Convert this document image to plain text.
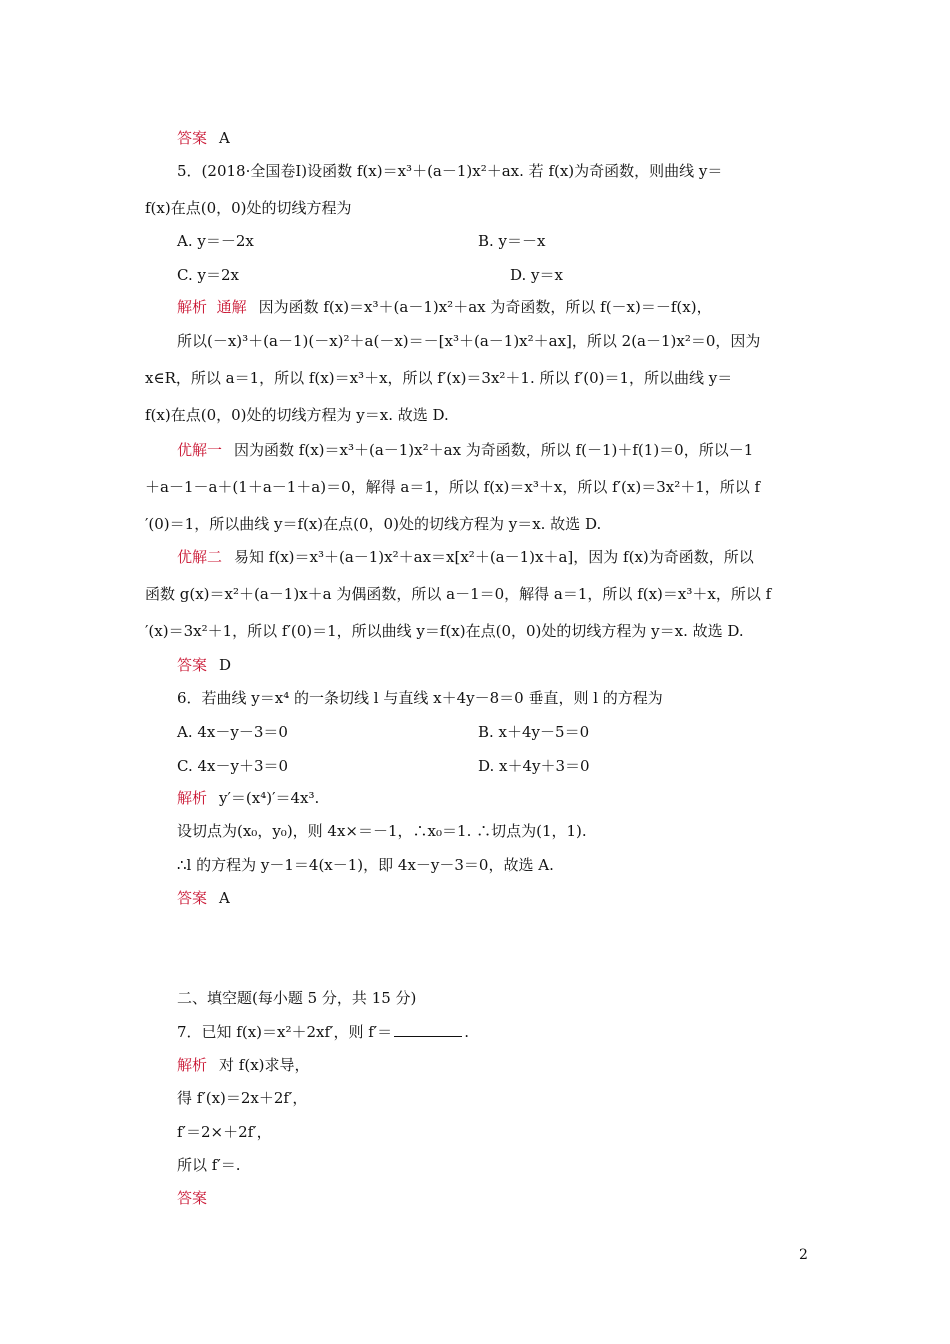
答案 A
5．(2018·全国卷Ⅰ)设函数 f(x)＝x³＋(a－1)x²＋ax. 若 f(x)为奇函数，则曲线 y＝
f(x)在点(0，0)处的切线方程为
A. y＝－2x	B. y＝－x
C. y＝2x	D. y＝x
解析 通解 因为函数 f(x)＝x³＋(a－1)x²＋ax 为奇函数，所以 f(－x)＝－f(x)，
所以(－x)³＋(a－1)(－x)²＋a(－x)＝－[x³＋(a－1)x²＋ax]，所以 2(a－1)x²＝0，因为
x∈R，所以 a＝1，所以 f(x)＝x³＋x，所以 f′(x)＝3x²＋1. 所以 f′(0)＝1，所以曲线 y＝
f(x)在点(0，0)处的切线方程为 y＝x. 故选 D.
优解一 因为函数 f(x)＝x³＋(a－1)x²＋ax 为奇函数，所以 f(－1)＋f(1)＝0，所以－1
＋a－1－a＋(1＋a－1＋a)＝0，解得 a＝1，所以 f(x)＝x³＋x，所以 f′(x)＝3x²＋1，所以 f
′(0)＝1，所以曲线 y＝f(x)在点(0，0)处的切线方程为 y＝x. 故选 D.
优解二 易知 f(x)＝x³＋(a－1)x²＋ax＝x[x²＋(a－1)x＋a]，因为 f(x)为奇函数，所以
函数 g(x)＝x²＋(a－1)x＋a 为偶函数，所以 a－1＝0，解得 a＝1，所以 f(x)＝x³＋x，所以 f
′(x)＝3x²＋1，所以 f′(0)＝1，所以曲线 y＝f(x)在点(0，0)处的切线方程为 y＝x. 故选 D.
答案 D
6．若曲线 y＝x⁴ 的一条切线 l 与直线 x＋4y－8＝0 垂直，则 l 的方程为
A. 4x－y－3＝0	B. x＋4y－5＝0
C. 4x－y＋3＝0	D. x＋4y＋3＝0
解析 y′＝(x⁴)′＝4x³.
设切点为(x₀，y₀)，则 4x×＝－1，∴x₀＝1. ∴切点为(1，1).
∴l 的方程为 y－1＝4(x－1)，即 4x－y－3＝0，故选 A.
答案 A
二、填空题(每小题 5 分，共 15 分)
7．已知 f(x)＝x²＋2xf′，则 f′＝	.
解析 对 f(x)求导，
得 f′(x)＝2x＋2f′，
f′＝2×＋2f′，
所以 f′＝.
答案
2
